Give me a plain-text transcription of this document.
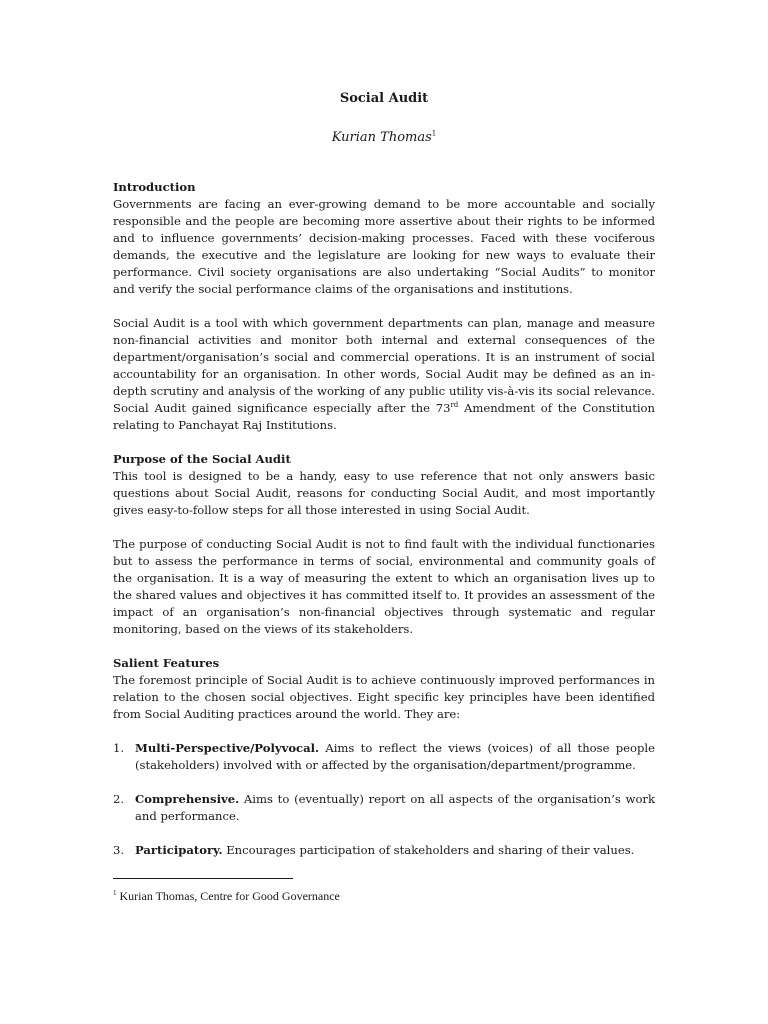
Social Audit
Kurian Thomas$^1$
Introduction

Governments are facing an ever-growing demand to be more accountable and socially responsible and the people are becoming more assertive about their rights to be informed and to influence governments’ decision-making processes. Faced with these vociferous demands, the executive and the legislature are looking for new ways to evaluate their performance. Civil society organisations are also undertaking “Social Audits” to monitor and verify the social performance claims of the organisations and institutions.

Social Audit is a tool with which government departments can plan, manage and measure non-financial activities and monitor both internal and external consequences of the department/organisation’s social and commercial operations. It is an instrument of social accountability for an organisation. In other words, Social Audit may be defined as an in-depth scrutiny and analysis of the working of any public utility vis-à-vis its social relevance. Social Audit gained significance especially after the 73rd Amendment of the Constitution relating to Panchayat Raj Institutions.

Purpose of the Social Audit

This tool is designed to be a handy, easy to use reference that not only answers basic questions about Social Audit, reasons for conducting Social Audit, and most importantly gives easy-to-follow steps for all those interested in using Social Audit.

The purpose of conducting Social Audit is not to find fault with the individual functionaries but to assess the performance in terms of social, environmental and community goals of the organisation. It is a way of measuring the extent to which an organisation lives up to the shared values and objectives it has committed itself to. It provides an assessment of the impact of an organisation’s non-financial objectives through systematic and regular monitoring, based on the views of its stakeholders.

Salient Features

The foremost principle of Social Audit is to achieve continuously improved performances in relation to the chosen social objectives. Eight specific key principles have been identified from Social Auditing practices around the world. They are:

1. Multi-Perspective/Polyvocal. Aims to reflect the views (voices) of all those people (stakeholders) involved with or affected by the organisation/department/programme.
2. Comprehensive. Aims to (eventually) report on all aspects of the organisation’s work and performance.
3. Participatory. Encourages participation of stakeholders and sharing of their values.
$^1$ Kurian Thomas, Centre for Good Governance
